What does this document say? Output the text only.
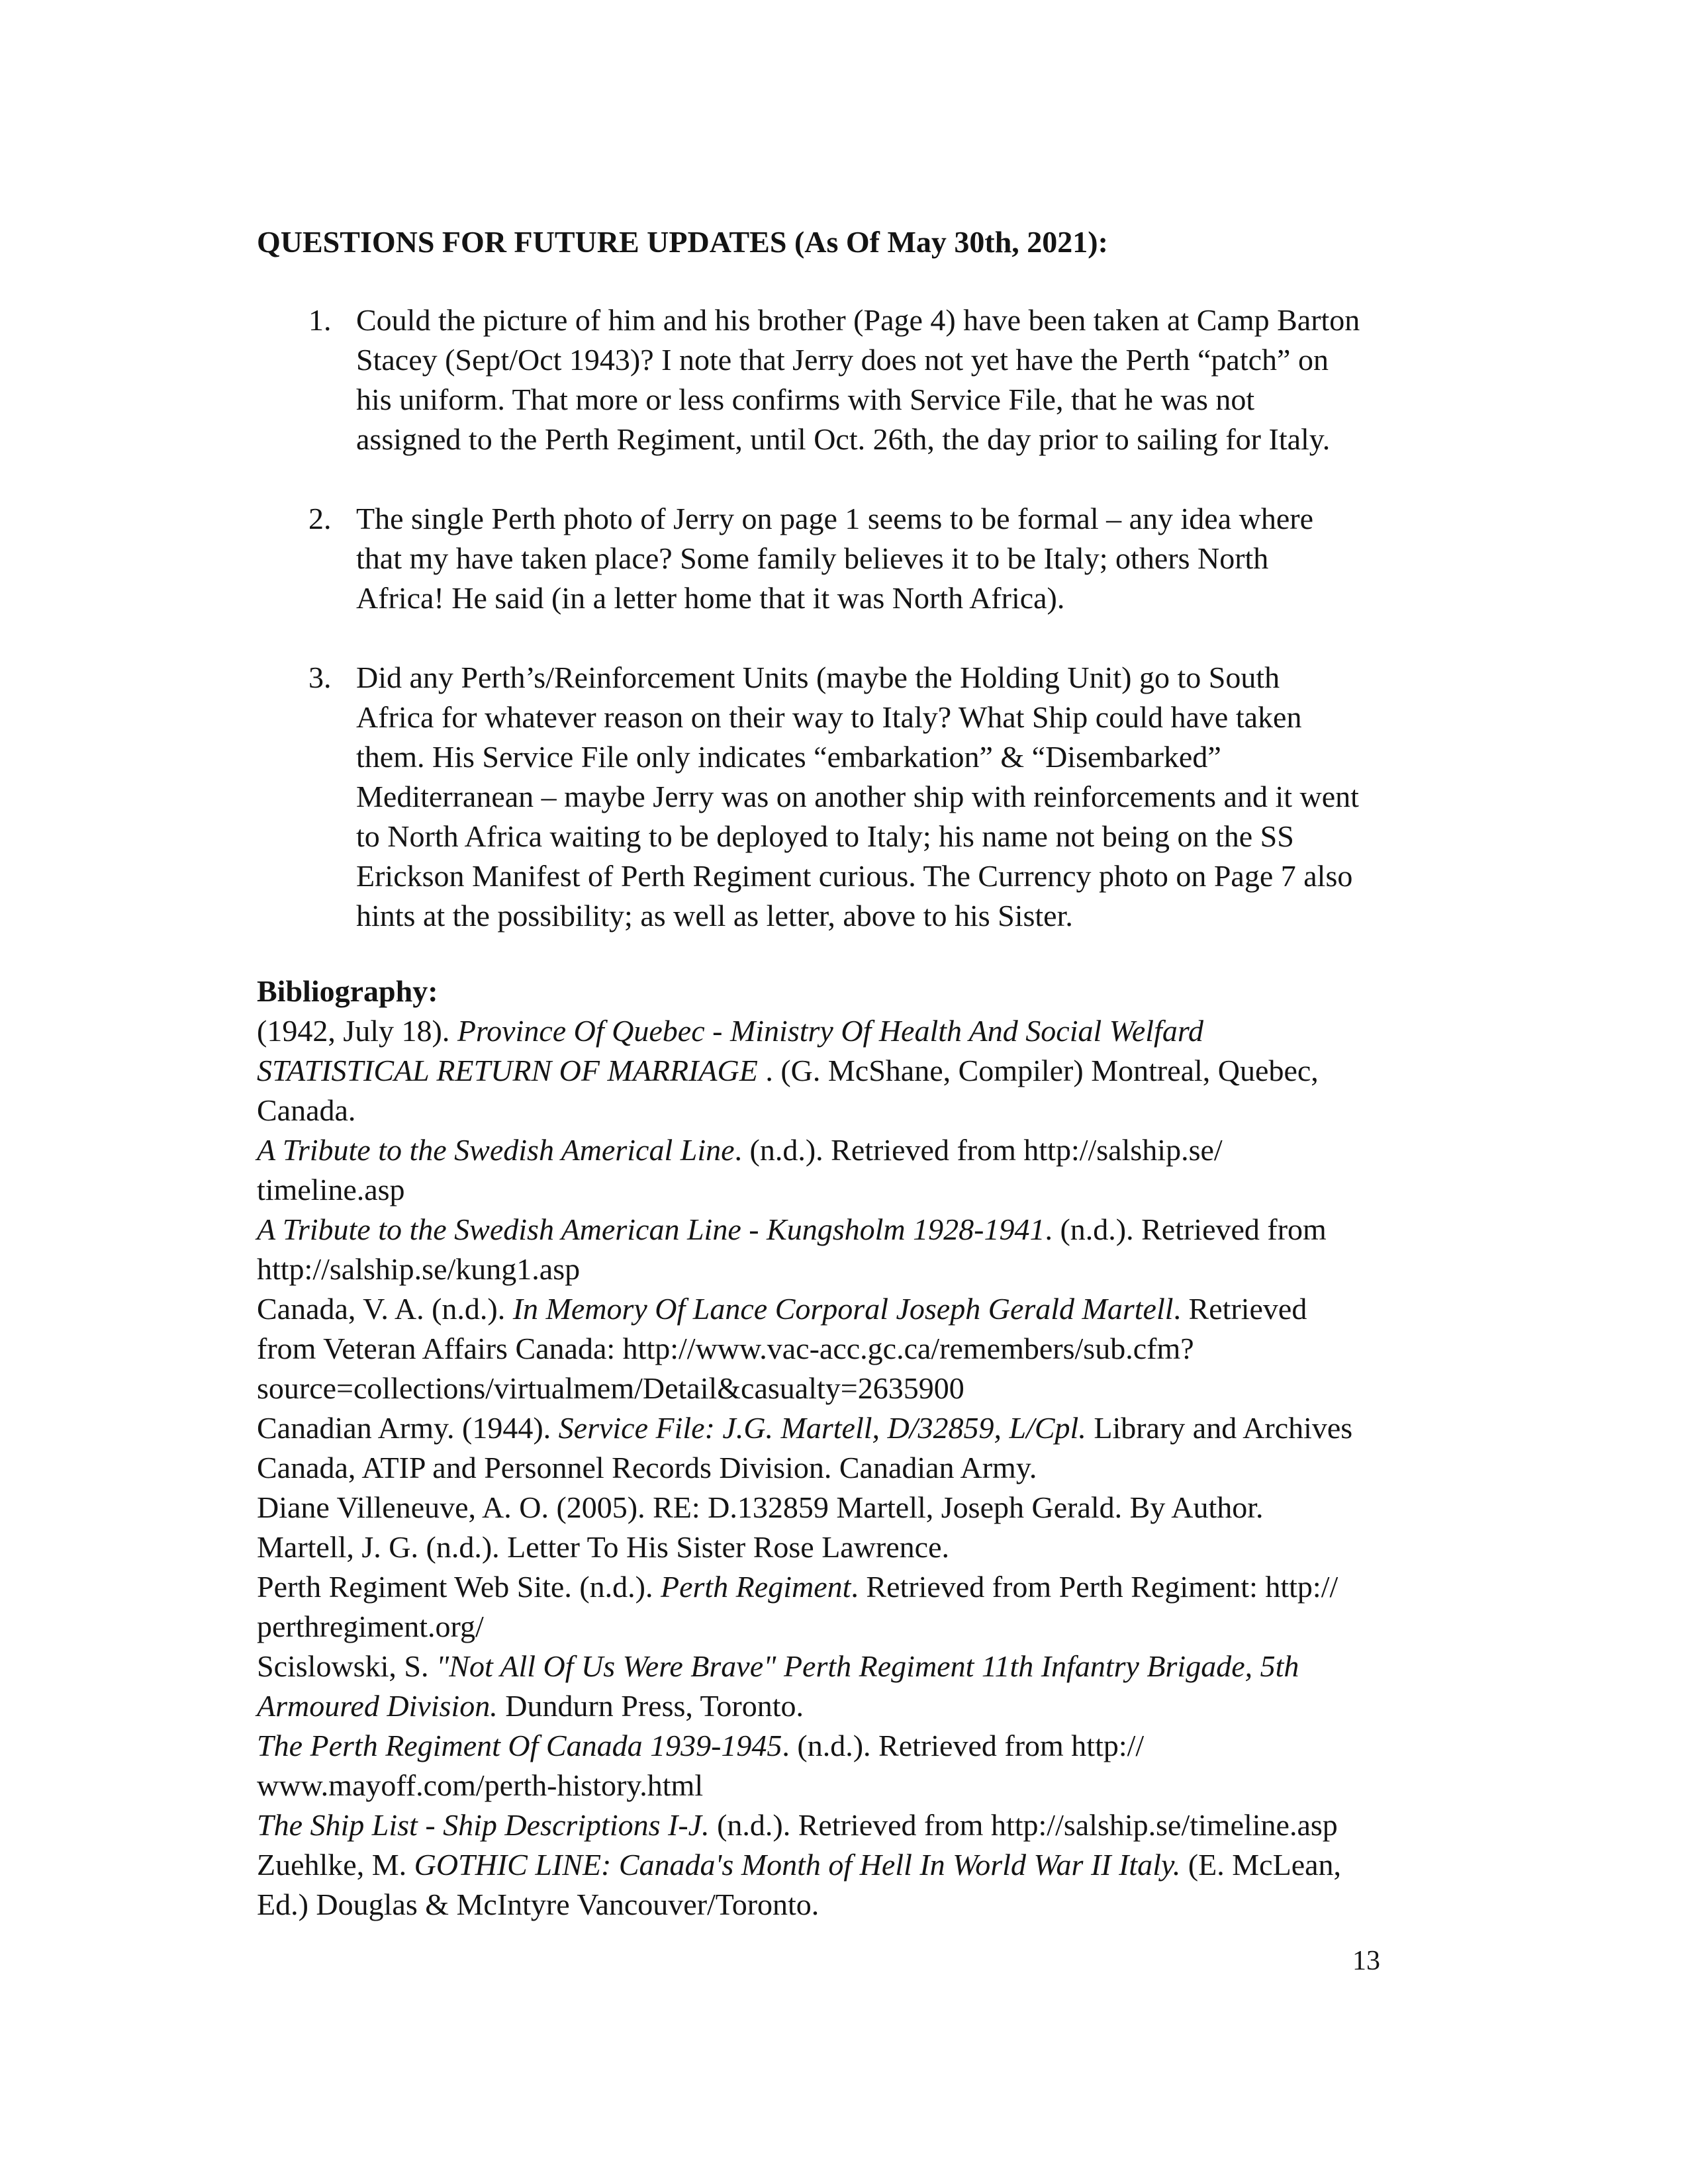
QUESTIONS FOR FUTURE UPDATES (As Of May 30th, 2021):
1. Could the picture of him and his brother (Page 4) have been taken at Camp Barton
Stacey (Sept/Oct 1943)? I note that Jerry does not yet have the Perth “patch” on
his uniform. That more or less confirms with Service File, that he was not
assigned to the Perth Regiment, until Oct. 26th, the day prior to sailing for Italy.
2. The single Perth photo of Jerry on page 1 seems to be formal – any idea where
that my have taken place? Some family believes it to be Italy; others North
Africa! He said (in a letter home that it was North Africa).
3. Did any Perth’s/Reinforcement Units (maybe the Holding Unit) go to South
Africa for whatever reason on their way to Italy? What Ship could have taken
them. His Service File only indicates “embarkation” & “Disembarked”
Mediterranean – maybe Jerry was on another ship with reinforcements and it went
to North Africa waiting to be deployed to Italy; his name not being on the SS
Erickson Manifest of Perth Regiment curious. The Currency photo on Page 7 also
hints at the possibility; as well as letter, above to his Sister.
Bibliography:
(1942, July 18). Province Of Quebec - Ministry Of Health And Social Welfard
STATISTICAL RETURN OF MARRIAGE . (G. McShane, Compiler) Montreal, Quebec,
Canada.
A Tribute to the Swedish Americal Line. (n.d.). Retrieved from http://salship.se/
timeline.asp
A Tribute to the Swedish American Line - Kungsholm 1928-1941. (n.d.). Retrieved from
http://salship.se/kung1.asp
Canada, V. A. (n.d.). In Memory Of Lance Corporal Joseph Gerald Martell. Retrieved
from Veteran Affairs Canada: http://www.vac-acc.gc.ca/remembers/sub.cfm?
source=collections/virtualmem/Detail&casualty=2635900
Canadian Army. (1944). Service File: J.G. Martell, D/32859, L/Cpl. Library and Archives
Canada, ATIP and Personnel Records Division. Canadian Army.
Diane Villeneuve, A. O. (2005). RE: D.132859 Martell, Joseph Gerald. By Author.
Martell, J. G. (n.d.). Letter To His Sister Rose Lawrence.
Perth Regiment Web Site. (n.d.). Perth Regiment. Retrieved from Perth Regiment: http://
perthregiment.org/
Scislowski, S. "Not All Of Us Were Brave" Perth Regiment 11th Infantry Brigade, 5th
Armoured Division. Dundurn Press, Toronto.
The Perth Regiment Of Canada 1939-1945. (n.d.). Retrieved from http://
www.mayoff.com/perth-history.html
The Ship List - Ship Descriptions I-J. (n.d.). Retrieved from http://salship.se/timeline.asp
Zuehlke, M. GOTHIC LINE: Canada's Month of Hell In World War II Italy. (E. McLean,
Ed.) Douglas & McIntyre Vancouver/Toronto.
13
